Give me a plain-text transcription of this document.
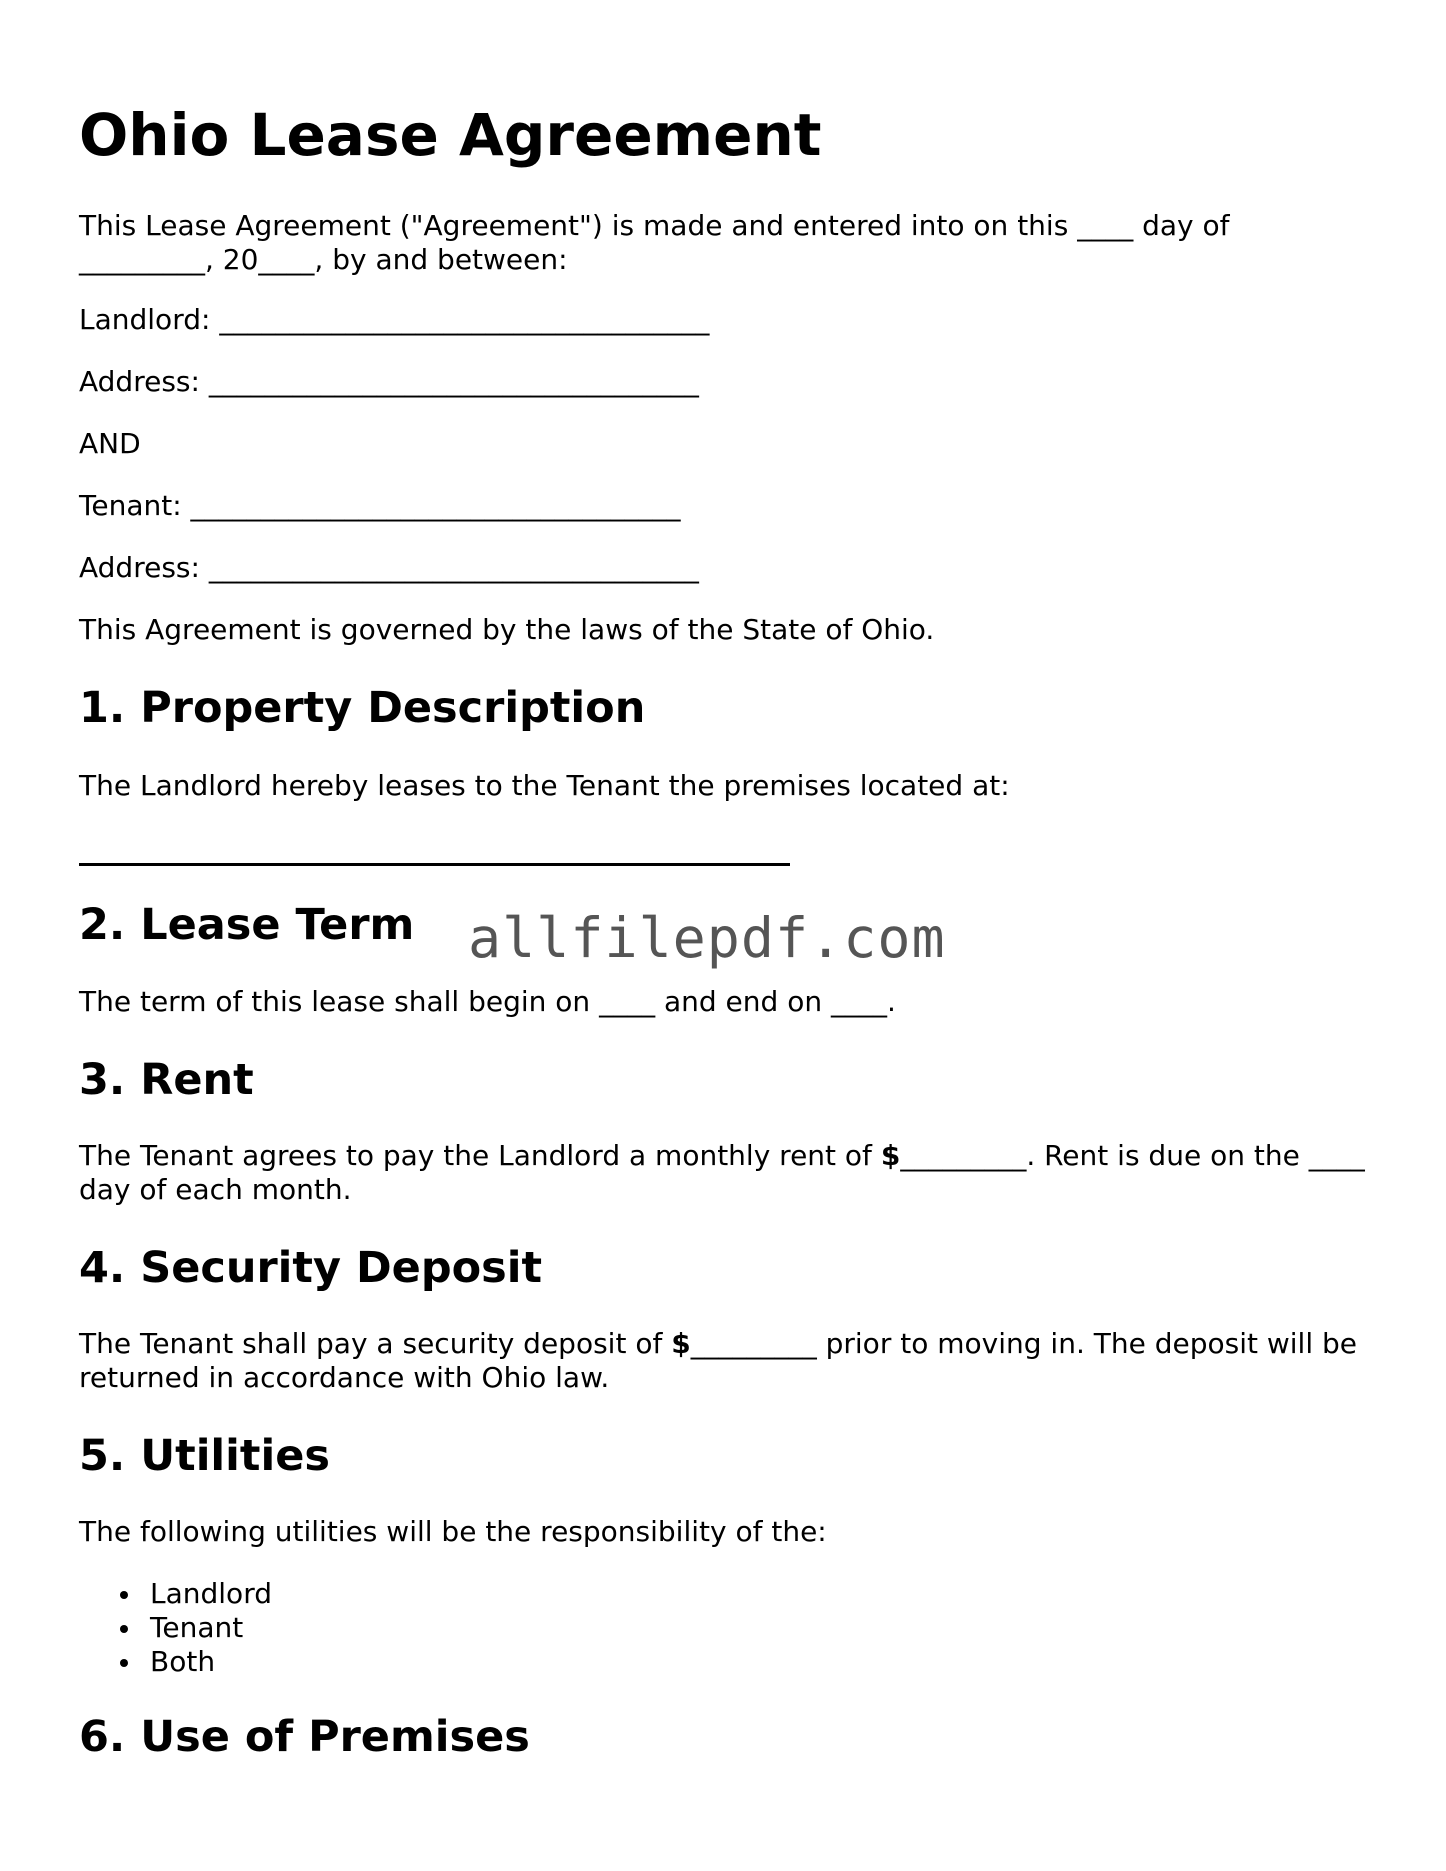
Ohio Lease Agreement

This Lease Agreement ("Agreement") is made and entered into on this ____ day of _________, 20____, by and between:

Landlord: ___________________________________

Address: ___________________________________

AND

Tenant: ___________________________________

Address: ___________________________________

This Agreement is governed by the laws of the State of Ohio.

1. Property Description

The Landlord hereby leases to the Tenant the premises located at:

2. Lease Term

The term of this lease shall begin on ____ and end on ____.

3. Rent

The Tenant agrees to pay the Landlord a monthly rent of $_________. Rent is due on the ____ day of each month.

4. Security Deposit

The Tenant shall pay a security deposit of $_________ prior to moving in. The deposit will be returned in accordance with Ohio law.

5. Utilities

The following utilities will be the responsibility of the:

Landlord
Tenant
Both
6. Use of Premises
allfilepdf.com
